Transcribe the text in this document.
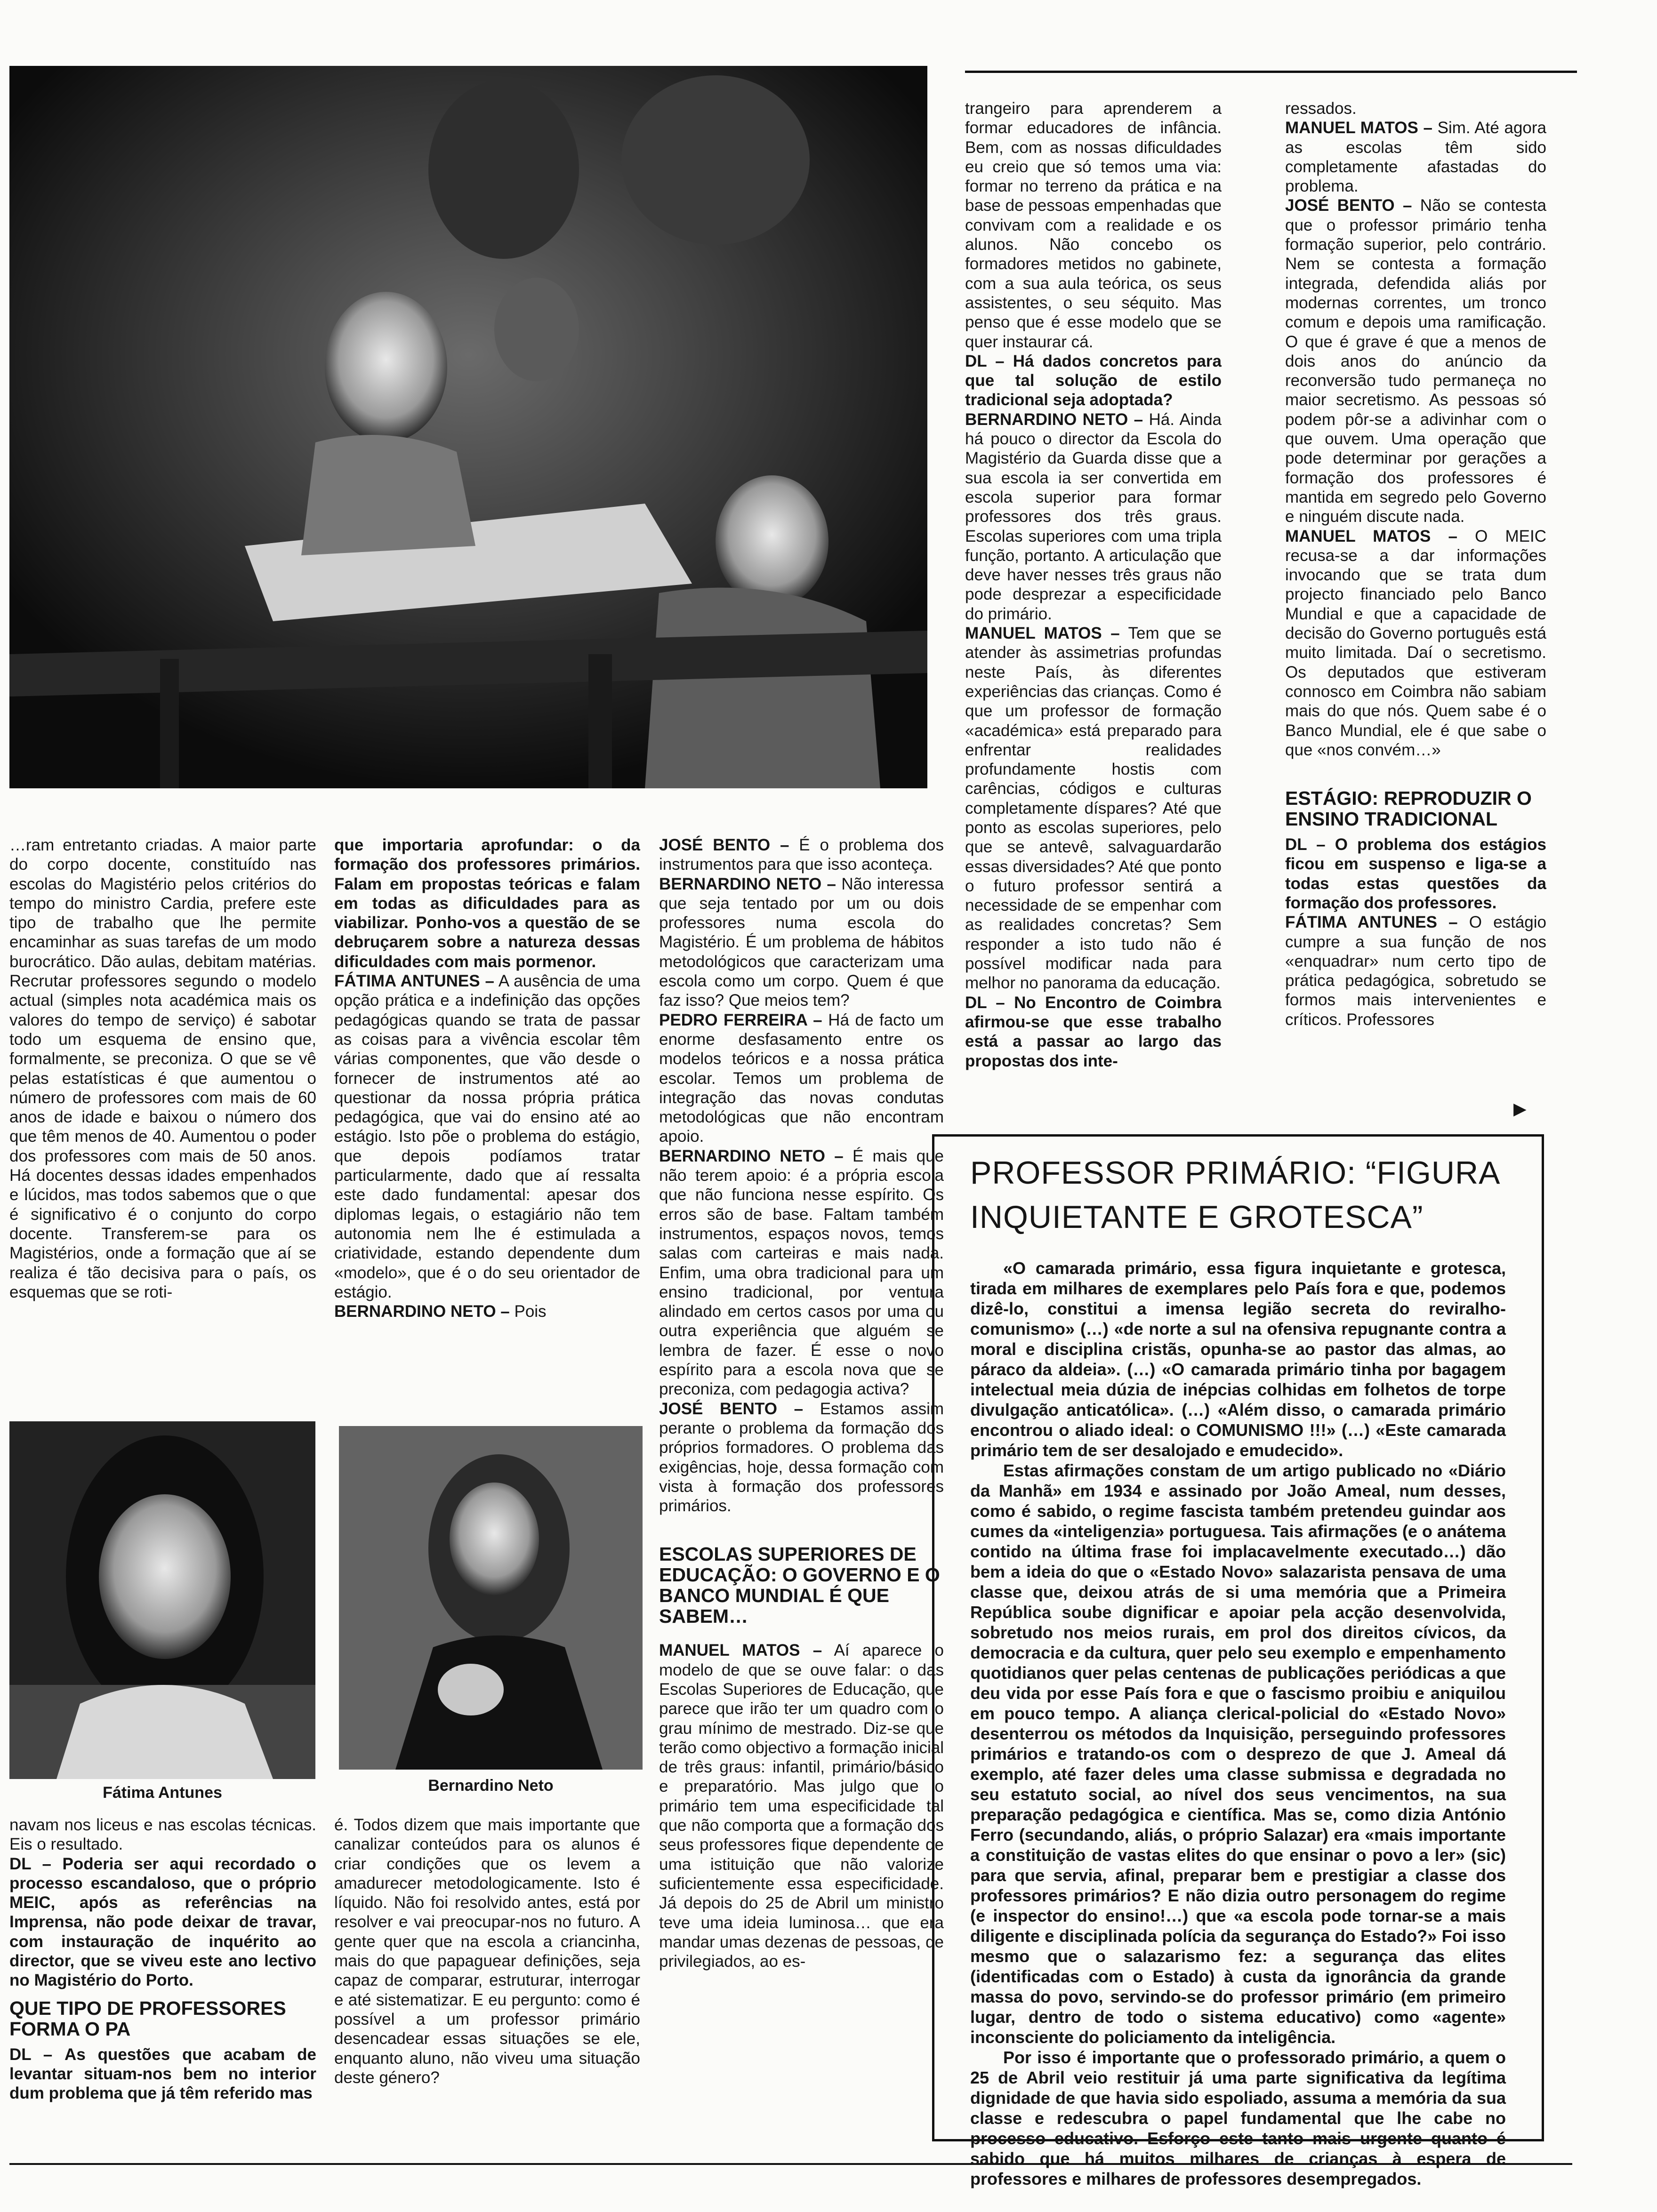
…ram entretanto criadas. A maior parte do corpo docente, constituído nas escolas do Magistério pelos critérios do tempo do ministro Cardia, prefere este tipo de trabalho que lhe permite encaminhar as suas tarefas de um modo burocrático. Dão aulas, debitam matérias. Recrutar professores segundo o modelo actual (simples nota académica mais os valores do tempo de serviço) é sabotar todo um esquema de ensino que, formalmente, se preconiza. O que se vê pelas estatísticas é que aumentou o número de professores com mais de 60 anos de idade e baixou o número dos que têm menos de 40. Aumentou o poder dos professores com mais de 50 anos. Há docentes dessas idades empenhados e lúcidos, mas todos sabemos que o que é significativo é o conjunto do corpo docente. Transferem-se para os Magistérios, onde a formação que aí se realiza é tão decisiva para o país, os esquemas que se roti-

Fátima Antunes

navam nos liceus e nas escolas técnicas. Eis o resultado.

DL – Poderia ser aqui recordado o processo escandaloso, que o próprio MEIC, após as referências na Imprensa, não pode deixar de travar, com instauração de inquérito ao director, que se viveu este ano lectivo no Magistério do Porto.

QUE TIPO DE PROFESSORES FORMA O PA

DL – As questões que acabam de levantar situam-nos bem no interior dum problema que já têm referido mas

que importaria aprofundar: o da formação dos professores primários. Falam em propostas teóricas e falam em todas as dificuldades para as viabilizar. Ponho-vos a questão de se debruçarem sobre a natureza dessas dificuldades com mais pormenor.

FÁTIMA ANTUNES – A ausência de uma opção prática e a indefinição das opções pedagógicas quando se trata de passar as coisas para a vivência escolar têm várias componentes, que vão desde o fornecer de instrumentos até ao questionar da nossa própria prática pedagógica, que vai do ensino até ao estágio. Isto põe o problema do estágio, que depois podíamos tratar particularmente, dado que aí ressalta este dado fundamental: apesar dos diplomas legais, o estagiário não tem autonomia nem lhe é estimulada a criatividade, estando dependente dum «modelo», que é o do seu orientador de estágio.

BERNARDINO NETO – Pois

Bernardino Neto

é. Todos dizem que mais importante que canalizar conteúdos para os alunos é criar condições que os levem a amadurecer metodologicamente. Isto é líquido. Não foi resolvido antes, está por resolver e vai preocupar-nos no futuro. A gente quer que na escola a criancinha, mais do que papaguear definições, seja capaz de comparar, estruturar, interrogar e até sistematizar. E eu pergunto: como é possível a um professor primário desencadear essas situações se ele, enquanto aluno, não viveu uma situação deste género?

JOSÉ BENTO – É o problema dos instrumentos para que isso aconteça.

BERNARDINO NETO – Não interessa que seja tentado por um ou dois professores numa escola do Magistério. É um problema de hábitos metodológicos que caracterizam uma escola como um corpo. Quem é que faz isso? Que meios tem?

PEDRO FERREIRA – Há de facto um enorme desfasamento entre os modelos teóricos e a nossa prática escolar. Temos um problema de integração das novas condutas metodológicas que não encontram apoio.

BERNARDINO NETO – É mais que não terem apoio: é a própria escola que não funciona nesse espírito. Os erros são de base. Faltam também instrumentos, espaços novos, temos salas com carteiras e mais nada. Enfim, uma obra tradicional para um ensino tradicional, por ventura alindado em certos casos por uma ou outra experiência que alguém se lembra de fazer. É esse o novo espírito para a escola nova que se preconiza, com pedagogia activa?

JOSÉ BENTO – Estamos assim perante o problema da formação dos próprios formadores. O problema das exigências, hoje, dessa formação com vista à formação dos professores primários.

ESCOLAS SUPERIORES DE EDUCAÇÃO: O GOVERNO E O BANCO MUNDIAL É QUE SABEM…

MANUEL MATOS – Aí aparece o modelo de que se ouve falar: o das Escolas Superiores de Educação, que parece que irão ter um quadro com o grau mínimo de mestrado. Diz-se que terão como objectivo a formação inicial de três graus: infantil, primário/básico e preparatório. Mas julgo que o primário tem uma especificidade tal que não comporta que a formação dos seus professores fique dependente de uma istituição que não valorize suficientemente essa especificidade. Já depois do 25 de Abril um ministro teve uma ideia luminosa… que era mandar umas dezenas de pessoas, de privilegiados, ao es-

trangeiro para aprenderem a formar educadores de infância. Bem, com as nossas dificuldades eu creio que só temos uma via: formar no terreno da prática e na base de pessoas empenhadas que convivam com a realidade e os alunos. Não concebo os formadores metidos no gabinete, com a sua aula teórica, os seus assistentes, o seu séquito. Mas penso que é esse modelo que se quer instaurar cá.

DL – Há dados concretos para que tal solução de estilo tradicional seja adoptada?

BERNARDINO NETO – Há. Ainda há pouco o director da Escola do Magistério da Guarda disse que a sua escola ia ser convertida em escola superior para formar professores dos três graus. Escolas superiores com uma tripla função, portanto. A articulação que deve haver nesses três graus não pode desprezar a especificidade do primário.

MANUEL MATOS – Tem que se atender às assimetrias profundas neste País, às diferentes experiências das crianças. Como é que um professor de formação «académica» está preparado para enfrentar realidades profundamente hostis com carências, códigos e culturas completamente díspares? Até que ponto as escolas superiores, pelo que se antevê, salvaguardarão essas diversidades? Até que ponto o futuro professor sentirá a necessidade de se empenhar com as realidades concretas? Sem responder a isto tudo não é possível modificar nada para melhor no panorama da educação.

DL – No Encontro de Coimbra afirmou-se que esse trabalho está a passar ao largo das propostas dos inte-

ressados.

MANUEL MATOS – Sim. Até agora as escolas têm sido completamente afastadas do problema.

JOSÉ BENTO – Não se contesta que o professor primário tenha formação superior, pelo contrário. Nem se contesta a formação integrada, defendida aliás por modernas correntes, um tronco comum e depois uma ramificação. O que é grave é que a menos de dois anos do anúncio da reconversão tudo permaneça no maior secretismo. As pessoas só podem pôr-se a adivinhar com o que ouvem. Uma operação que pode determinar por gerações a formação dos professores é mantida em segredo pelo Governo e ninguém discute nada.

MANUEL MATOS – O MEIC recusa-se a dar informações invocando que se trata dum projecto financiado pelo Banco Mundial e que a capacidade de decisão do Governo português está muito limitada. Daí o secretismo. Os deputados que estiveram connosco em Coimbra não sabiam mais do que nós. Quem sabe é o Banco Mundial, ele é que sabe o que «nos convém…»

ESTÁGIO: REPRODUZIR O ENSINO TRADICIONAL

DL – O problema dos estágios ficou em suspenso e liga-se a todas estas questões da formação dos professores.

FÁTIMA ANTUNES – O estágio cumpre a sua função de nos «enquadrar» num certo tipo de prática pedagógica, sobretudo se formos mais intervenientes e críticos. Professores

▶
PROFESSOR PRIMÁRIO: “FIGURA INQUIETANTE E GROTESCA”

«O camarada primário, essa figura inquietante e grotesca, tirada em milhares de exemplares pelo País fora e que, podemos dizê-lo, constitui a imensa legião secreta do reviralho-comunismo» (…) «de norte a sul na ofensiva repugnante contra a moral e disciplina cristãs, opunha-se ao pastor das almas, ao páraco da aldeia». (…) «O camarada primário tinha por bagagem intelectual meia dúzia de inépcias colhidas em folhetos de torpe divulgação anticatólica». (…) «Além disso, o camarada primário encontrou o aliado ideal: o COMUNISMO !!!» (…) «Este camarada primário tem de ser desalojado e emudecido».

Estas afirmações constam de um artigo publicado no «Diário da Manhã» em 1934 e assinado por João Ameal, num desses, como é sabido, o regime fascista também pretendeu guindar aos cumes da «inteligenzia» portuguesa. Tais afirmações (e o anátema contido na última frase foi implacavelmente executado…) dão bem a ideia do que o «Estado Novo» salazarista pensava de uma classe que, deixou atrás de si uma memória que a Primeira República soube dignificar e apoiar pela acção desenvolvida, sobretudo nos meios rurais, em prol dos direitos cívicos, da democracia e da cultura, quer pelo seu exemplo e empenhamento quotidianos quer pelas centenas de publicações periódicas a que deu vida por esse País fora e que o fascismo proibiu e aniquilou em pouco tempo. A aliança clerical-policial do «Estado Novo» desenterrou os métodos da Inquisição, perseguindo professores primários e tratando-os com o desprezo de que J. Ameal dá exemplo, até fazer deles uma classe submissa e degradada no seu estatuto social, ao nível dos seus vencimentos, na sua preparação pedagógica e científica. Mas se, como dizia António Ferro (secundando, aliás, o próprio Salazar) era «mais importante a constituição de vastas elites do que ensinar o povo a ler» (sic) para que servia, afinal, preparar bem e prestigiar a classe dos professores primários? E não dizia outro personagem do regime (e inspector do ensino!…) que «a escola pode tornar-se a mais diligente e disciplinada polícia da segurança do Estado?» Foi isso mesmo que o salazarismo fez: a segurança das elites (identificadas com o Estado) à custa da ignorância da grande massa do povo, servindo-se do professor primário (em primeiro lugar, dentro de todo o sistema educativo) como «agente» inconsciente do policiamento da inteligência.

Por isso é importante que o professorado primário, a quem o 25 de Abril veio restituir já uma parte significativa da legítima dignidade de que havia sido espoliado, assuma a memória da sua classe e redescubra o papel fundamental que lhe cabe no processo educativo. Esforço este tanto mais urgente quanto é sabido que há muitos milhares de crianças à espera de professores e milhares de professores desempregados.
